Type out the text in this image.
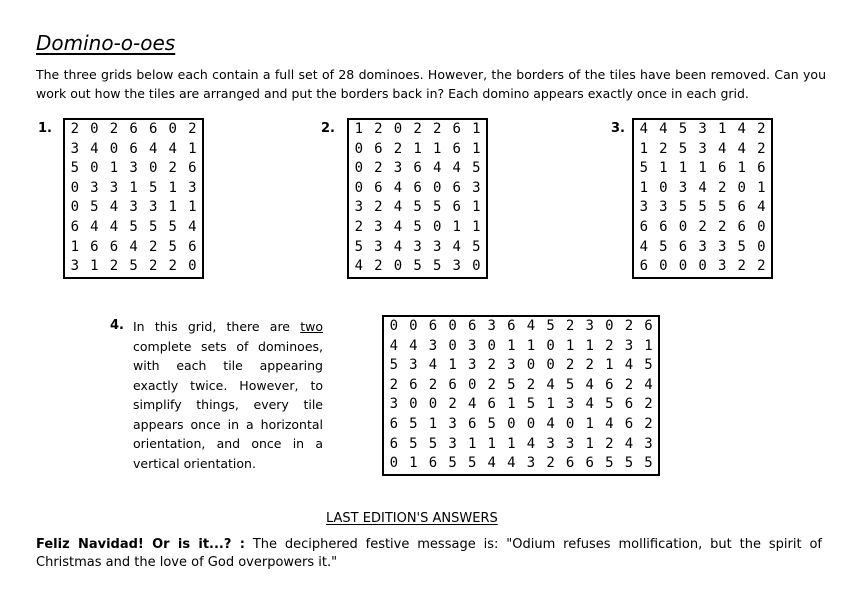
Domino-o-oes
The three grids below each contain a full set of 28 dominoes. However, the borders of the tiles have been removed. Can you work out how the tiles are arranged and put the borders back in? Each domino appears exactly once in each grid.
1.	2 0 2 6 6 0 2
3 4 0 6 4 4 1
5 0 1 3 0 2 6
0 3 3 1 5 1 3
0 5 4 3 3 1 1
6 4 4 5 5 5 4
1 6 6 4 2 5 6
3 1 2 5 2 2 0
2.	1 2 0 2 2 6 1
0 6 2 1 1 6 1
0 2 3 6 4 4 5
0 6 4 6 0 6 3
3 2 4 5 5 6 1
2 3 4 5 0 1 1
5 3 4 3 3 4 5
4 2 0 5 5 3 0
3.	4 4 5 3 1 4 2
1 2 5 3 4 4 2
5 1 1 1 6 1 6
1 0 3 4 2 0 1
3 3 5 5 5 6 4
6 6 0 2 2 6 0
4 5 6 3 3 5 0
6 0 0 0 3 2 2
4. In this grid, there are two complete sets of dominoes, with each tile appearing exactly twice. However, to simplify things, every tile appears once in a horizontal orientation, and once in a vertical orientation.
0 0 6 0 6 3 6 4 5 2 3 0 2 6
4 4 3 0 3 0 1 1 0 1 1 2 3 1
5 3 4 1 3 2 3 0 0 2 2 1 4 5
2 6 2 6 0 2 5 2 4 5 4 6 2 4
3 0 0 2 4 6 1 5 1 3 4 5 6 2
6 5 1 3 6 5 0 0 4 0 1 4 6 2
6 5 5 3 1 1 1 4 3 3 1 2 4 3
0 1 6 5 5 4 4 3 2 6 6 5 5 5
LAST EDITION'S ANSWERS
Feliz Navidad! Or is it...? : The deciphered festive message is: "Odium refuses mollification, but the spirit of Christmas and the love of God overpowers it."
